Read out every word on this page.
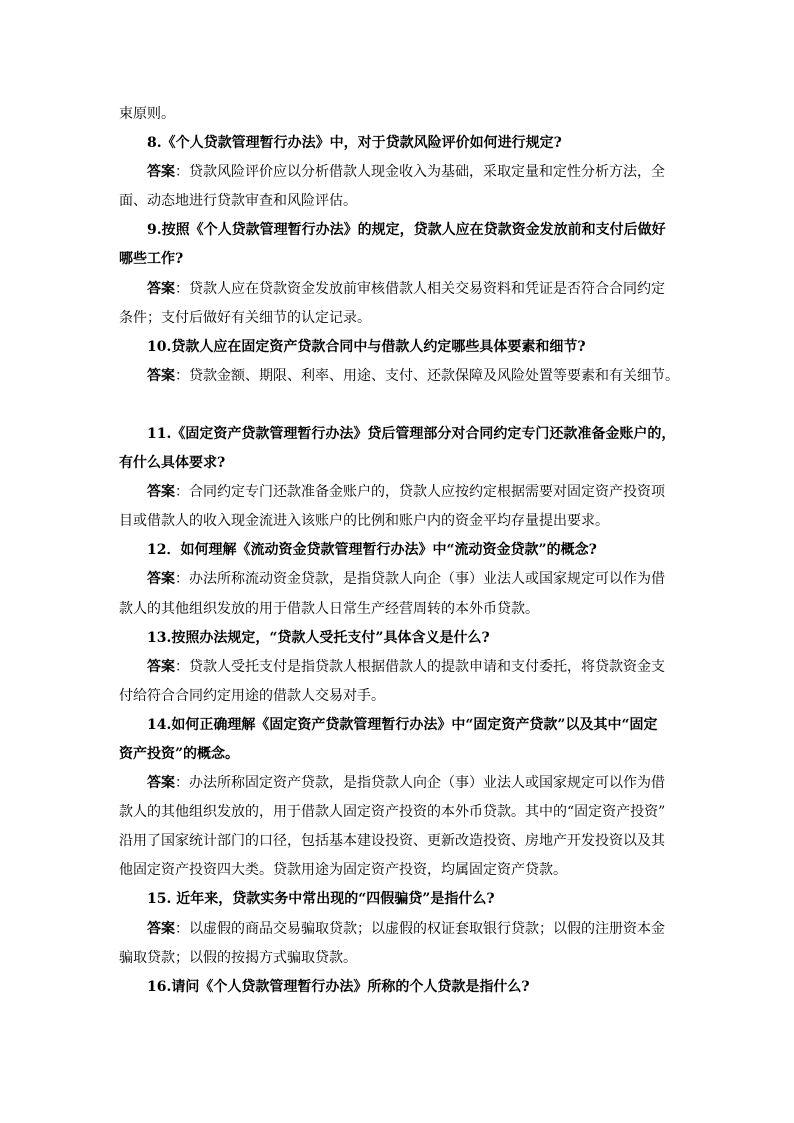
束原则。
8.《个人贷款管理暂行办法》中，对于贷款风险评价如何进行规定?
答案：贷款风险评价应以分析借款人现金收入为基础，采取定量和定性分析方法，全
面、动态地进行贷款审查和风险评估。
9.按照《个人贷款管理暂行办法》的规定，贷款人应在贷款资金发放前和支付后做好
哪些工作?
答案：贷款人应在贷款资金发放前审核借款人相关交易资料和凭证是否符合合同约定
条件；支付后做好有关细节的认定记录。
10.贷款人应在固定资产贷款合同中与借款人约定哪些具体要素和细节?
答案：贷款金额、期限、利率、用途、支付、还款保障及风险处置等要素和有关细节。
11.《固定资产贷款管理暂行办法》贷后管理部分对合同约定专门还款准备金账户的，
有什么具体要求?
答案：合同约定专门还款准备金账户的，贷款人应按约定根据需要对固定资产投资项
目或借款人的收入现金流进入该账户的比例和账户内的资金平均存量提出要求。
12．如何理解《流动资金贷款管理暂行办法》中“流动资金贷款”的概念?
答案：办法所称流动资金贷款，是指贷款人向企（事）业法人或国家规定可以作为借
款人的其他组织发放的用于借款人日常生产经营周转的本外币贷款。
13.按照办法规定，“贷款人受托支付”具体含义是什么?
答案：贷款人受托支付是指贷款人根据借款人的提款申请和支付委托，将贷款资金支
付给符合合同约定用途的借款人交易对手。
14.如何正确理解《固定资产贷款管理暂行办法》中“固定资产贷款”以及其中“固定
资产投资”的概念。
答案：办法所称固定资产贷款，是指贷款人向企（事）业法人或国家规定可以作为借
款人的其他组织发放的，用于借款人固定资产投资的本外币贷款。其中的“固定资产投资”
沿用了国家统计部门的口径，包括基本建设投资、更新改造投资、房地产开发投资以及其
他固定资产投资四大类。贷款用途为固定资产投资，均属固定资产贷款。
15. 近年来，贷款实务中常出现的“四假骗贷”是指什么?
答案：以虚假的商品交易骗取贷款；以虚假的权证套取银行贷款；以假的注册资本金
骗取贷款；以假的按揭方式骗取贷款。
16.请问《个人贷款管理暂行办法》所称的个人贷款是指什么?
